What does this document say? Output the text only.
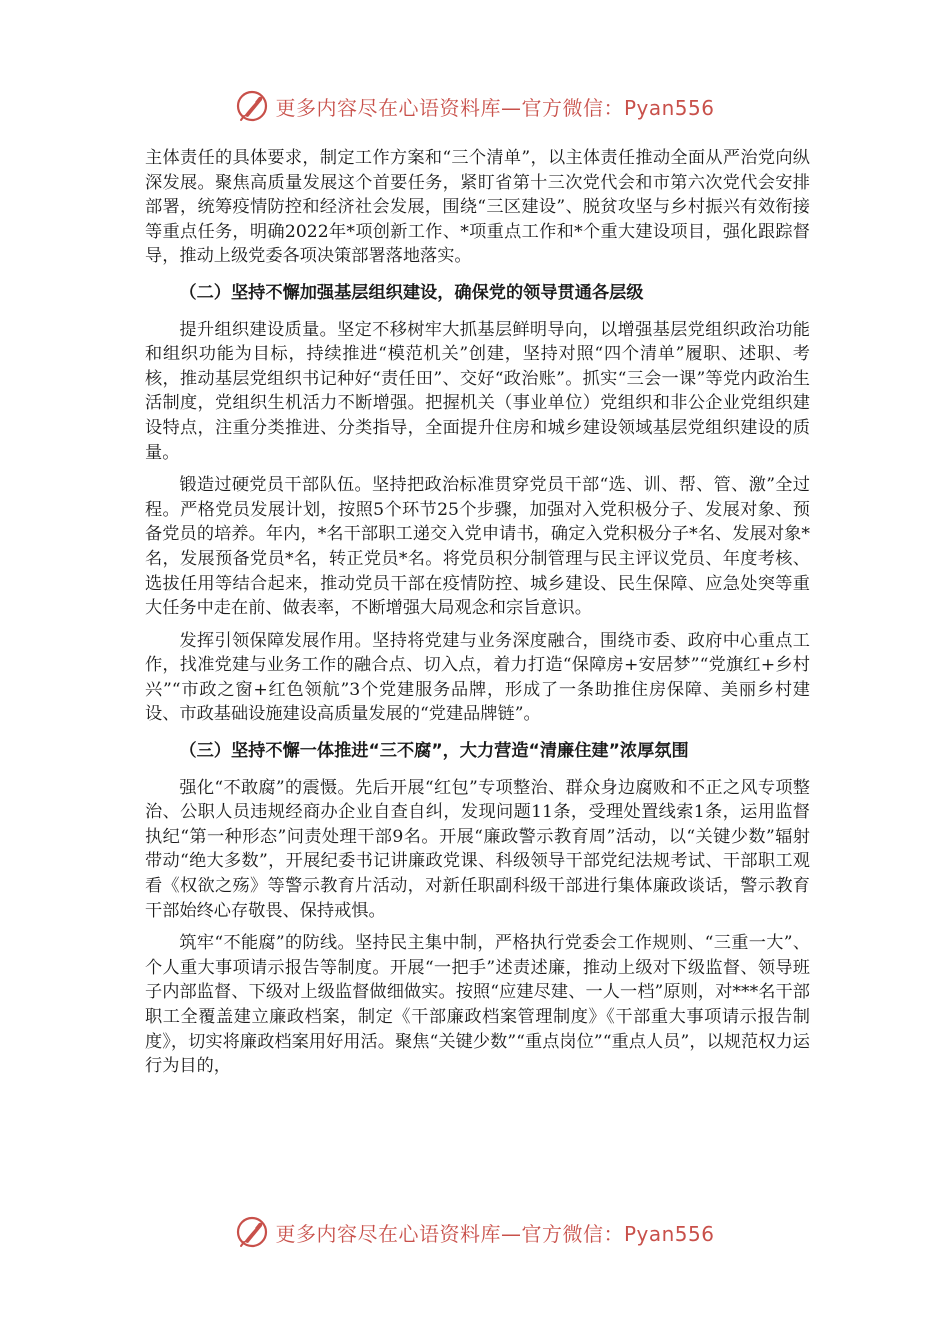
更多内容尽在心语资料库—官方微信：Pyan556

主体责任的具体要求，制定工作方案和“三个清单”，以主体责任推动全面从严治党向纵深发展。聚焦高质量发展这个首要任务，紧盯省第十三次党代会和市第六次党代会安排部署，统筹疫情防控和经济社会发展，围绕“三区建设”、脱贫攻坚与乡村振兴有效衔接等重点任务，明确2022年*项创新工作、*项重点工作和*个重大建设项目，强化跟踪督导，推动上级党委各项决策部署落地落实。

（二）坚持不懈加强基层组织建设，确保党的领导贯通各层级

提升组织建设质量。坚定不移树牢大抓基层鲜明导向，以增强基层党组织政治功能和组织功能为目标，持续推进“模范机关”创建，坚持对照“四个清单”履职、述职、考核，推动基层党组织书记种好“责任田”、交好“政治账”。抓实“三会一课”等党内政治生活制度，党组织生机活力不断增强。把握机关（事业单位）党组织和非公企业党组织建设特点，注重分类推进、分类指导，全面提升住房和城乡建设领域基层党组织建设的质量。

锻造过硬党员干部队伍。坚持把政治标准贯穿党员干部“选、训、帮、管、激”全过程。严格党员发展计划，按照5个环节25个步骤，加强对入党积极分子、发展对象、预备党员的培养。年内，*名干部职工递交入党申请书，确定入党积极分子*名、发展对象*名，发展预备党员*名，转正党员*名。将党员积分制管理与民主评议党员、年度考核、选拔任用等结合起来，推动党员干部在疫情防控、城乡建设、民生保障、应急处突等重大任务中走在前、做表率，不断增强大局观念和宗旨意识。

发挥引领保障发展作用。坚持将党建与业务深度融合，围绕市委、政府中心重点工作，找准党建与业务工作的融合点、切入点，着力打造“保障房+安居梦”“党旗红+乡村兴”“市政之窗+红色领航”3个党建服务品牌，形成了一条助推住房保障、美丽乡村建设、市政基础设施建设高质量发展的“党建品牌链”。

（三）坚持不懈一体推进“三不腐”，大力营造“清廉住建”浓厚氛围

强化“不敢腐”的震慑。先后开展“红包”专项整治、群众身边腐败和不正之风专项整治、公职人员违规经商办企业自查自纠，发现问题11条，受理处置线索1条，运用监督执纪“第一种形态”问责处理干部9名。开展“廉政警示教育周”活动，以“关键少数”辐射带动“绝大多数”，开展纪委书记讲廉政党课、科级领导干部党纪法规考试、干部职工观看《权欲之殇》等警示教育片活动，对新任职副科级干部进行集体廉政谈话，警示教育干部始终心存敬畏、保持戒惧。

筑牢“不能腐”的防线。坚持民主集中制，严格执行党委会工作规则、“三重一大”、个人重大事项请示报告等制度。开展“一把手”述责述廉，推动上级对下级监督、领导班子内部监督、下级对上级监督做细做实。按照“应建尽建、一人一档”原则，对***名干部职工全覆盖建立廉政档案，制定《干部廉政档案管理制度》《干部重大事项请示报告制度》，切实将廉政档案用好用活。聚焦“关键少数”“重点岗位”“重点人员”，以规范权力运行为目的，

更多内容尽在心语资料库—官方微信：Pyan556
